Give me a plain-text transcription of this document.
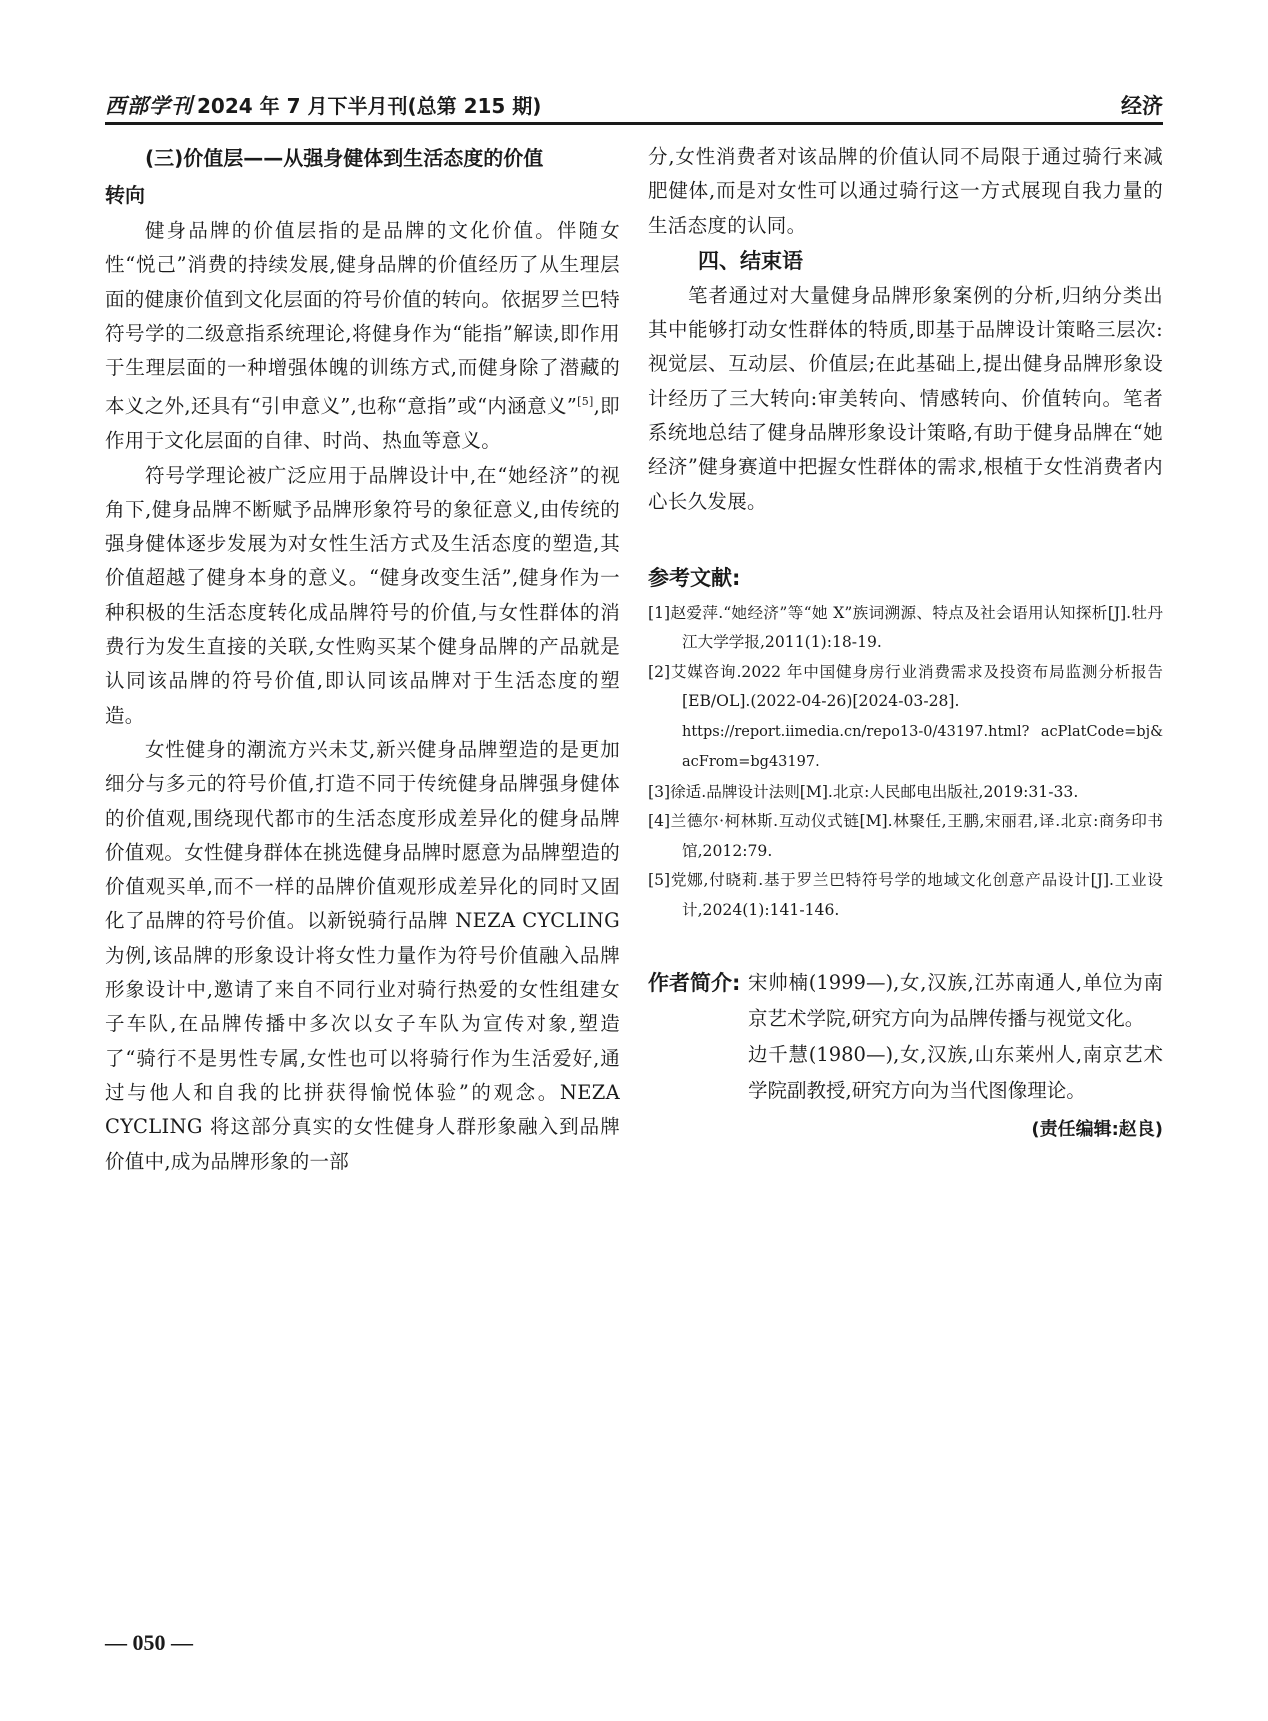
西部学刊 2024 年 7 月下半月刊(总第 215 期)	经济
(三)价值层——从强身健体到生活态度的价值
转向

健身品牌的价值层指的是品牌的文化价值。伴随女性“悦己”消费的持续发展,健身品牌的价值经历了从生理层面的健康价值到文化层面的符号价值的转向。依据罗兰巴特符号学的二级意指系统理论,将健身作为“能指”解读,即作用于生理层面的一种增强体魄的训练方式,而健身除了潜藏的本义之外,还具有“引申意义”,也称“意指”或“内涵意义”[5],即作用于文化层面的自律、时尚、热血等意义。

符号学理论被广泛应用于品牌设计中,在“她经济”的视角下,健身品牌不断赋予品牌形象符号的象征意义,由传统的强身健体逐步发展为对女性生活方式及生活态度的塑造,其价值超越了健身本身的意义。“健身改变生活”,健身作为一种积极的生活态度转化成品牌符号的价值,与女性群体的消费行为发生直接的关联,女性购买某个健身品牌的产品就是认同该品牌的符号价值,即认同该品牌对于生活态度的塑造。

女性健身的潮流方兴未艾,新兴健身品牌塑造的是更加细分与多元的符号价值,打造不同于传统健身品牌强身健体的价值观,围绕现代都市的生活态度形成差异化的健身品牌价值观。女性健身群体在挑选健身品牌时愿意为品牌塑造的价值观买单,而不一样的品牌价值观形成差异化的同时又固化了品牌的符号价值。以新锐骑行品牌 NEZA CYCLING 为例,该品牌的形象设计将女性力量作为符号价值融入品牌形象设计中,邀请了来自不同行业对骑行热爱的女性组建女子车队,在品牌传播中多次以女子车队为宣传对象,塑造了“骑行不是男性专属,女性也可以将骑行作为生活爱好,通过与他人和自我的比拼获得愉悦体验”的观念。NEZA CYCLING 将这部分真实的女性健身人群形象融入到品牌价值中,成为品牌形象的一部

分,女性消费者对该品牌的价值认同不局限于通过骑行来减肥健体,而是对女性可以通过骑行这一方式展现自我力量的生活态度的认同。

四、结束语

笔者通过对大量健身品牌形象案例的分析,归纳分类出其中能够打动女性群体的特质,即基于品牌设计策略三层次:视觉层、互动层、价值层;在此基础上,提出健身品牌形象设计经历了三大转向:审美转向、情感转向、价值转向。笔者系统地总结了健身品牌形象设计策略,有助于健身品牌在“她经济”健身赛道中把握女性群体的需求,根植于女性消费者内心长久发展。

参考文献:

[1]赵爱萍.“她经济”等“她 X”族词溯源、特点及社会语用认知探析[J].牡丹江大学学报,2011(1):18-19.

[2]艾媒咨询.2022 年中国健身房行业消费需求及投资布局监测分析报告[EB/OL].(2022-04-26)[2024-03-28].
https://report.iimedia.cn/repo13-0/43197.html? acPlatCode=bj&acFrom=bg43197.

[3]徐适.品牌设计法则[M].北京:人民邮电出版社,2019:31-33.

[4]兰德尔·柯林斯.互动仪式链[M].林聚任,王鹏,宋丽君,译.北京:商务印书馆,2012:79.

[5]党娜,付晓莉.基于罗兰巴特符号学的地域文化创意产品设计[J].工业设计,2024(1):141-146.

作者简介: 宋帅楠(1999—),女,汉族,江苏南通人,单位为南京艺术学院,研究方向为品牌传播与视觉文化。

边千慧(1980—),女,汉族,山东莱州人,南京艺术学院副教授,研究方向为当代图像理论。

(责任编辑:赵良)
— 050 —
